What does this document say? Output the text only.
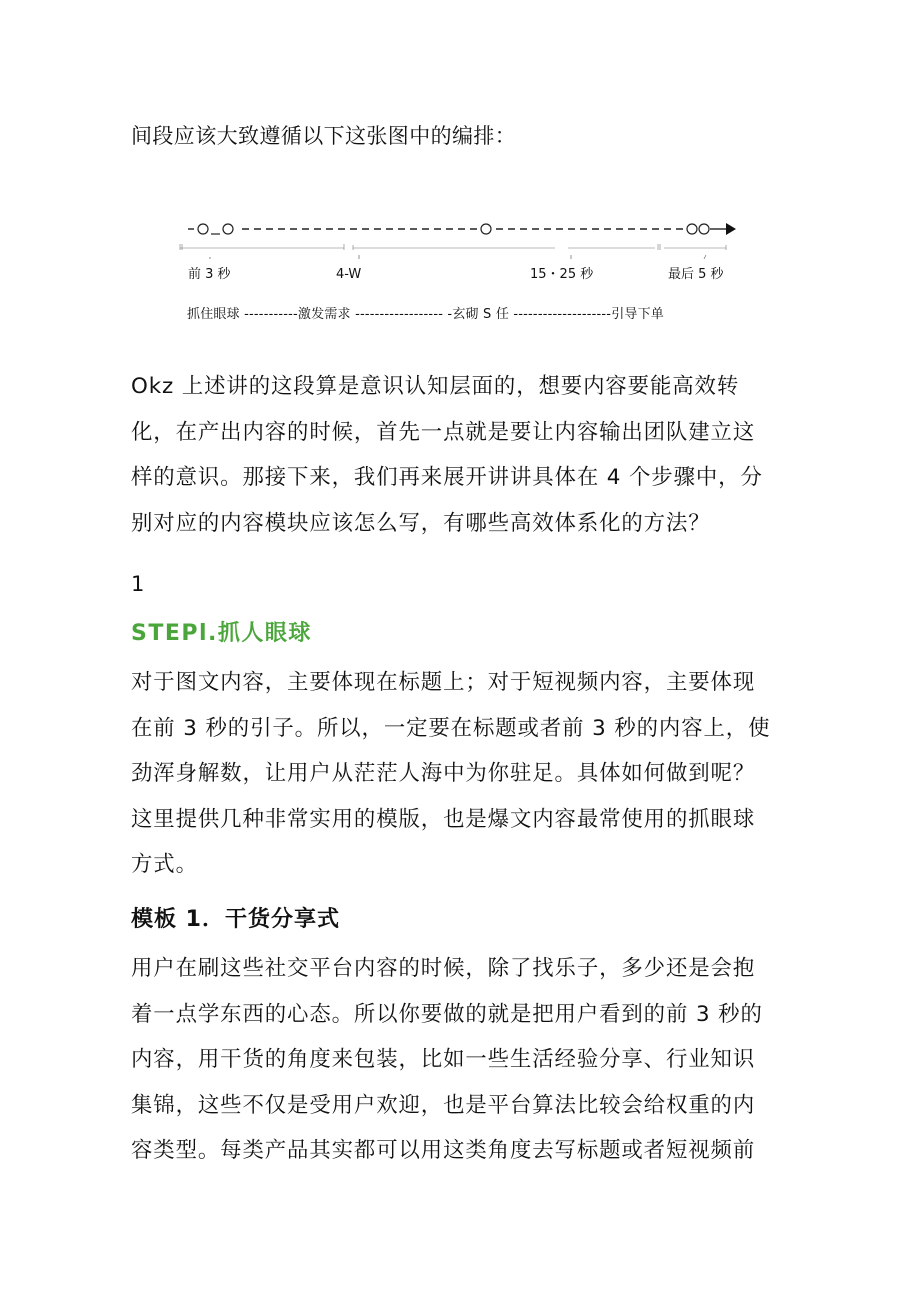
间段应该大致遵循以下这张图中的编排：
前 3 秒	4-W	15・25 秒	最后 5 秒
抓住眼球 -----------激发需求 ------------------ -玄砌 S 任 --------------------引导下单
Okz 上述讲的这段算是意识认知层面的，想要内容要能高效转
化，在产出内容的时候，首先一点就是要让内容输出团队建立这
样的意识。那接下来，我们再来展开讲讲具体在 4 个步骤中，分
别对应的内容模块应该怎么写，有哪些高效体系化的方法？
1
STEPl.抓人眼球
对于图文内容，主要体现在标题上；对于短视频内容，主要体现
在前 3 秒的引子。所以，一定要在标题或者前 3 秒的内容上，使
劲浑身解数，让用户从茫茫人海中为你驻足。具体如何做到呢？
这里提供几种非常实用的模版，也是爆文内容最常使用的抓眼球
方式。
模板 1．干货分享式
用户在刷这些社交平台内容的时候，除了找乐子，多少还是会抱
着一点学东西的心态。所以你要做的就是把用户看到的前 3 秒的
内容，用干货的角度来包装，比如一些生活经验分享、行业知识
集锦，这些不仅是受用户欢迎，也是平台算法比较会给权重的内
容类型。每类产品其实都可以用这类角度去写标题或者短视频前
